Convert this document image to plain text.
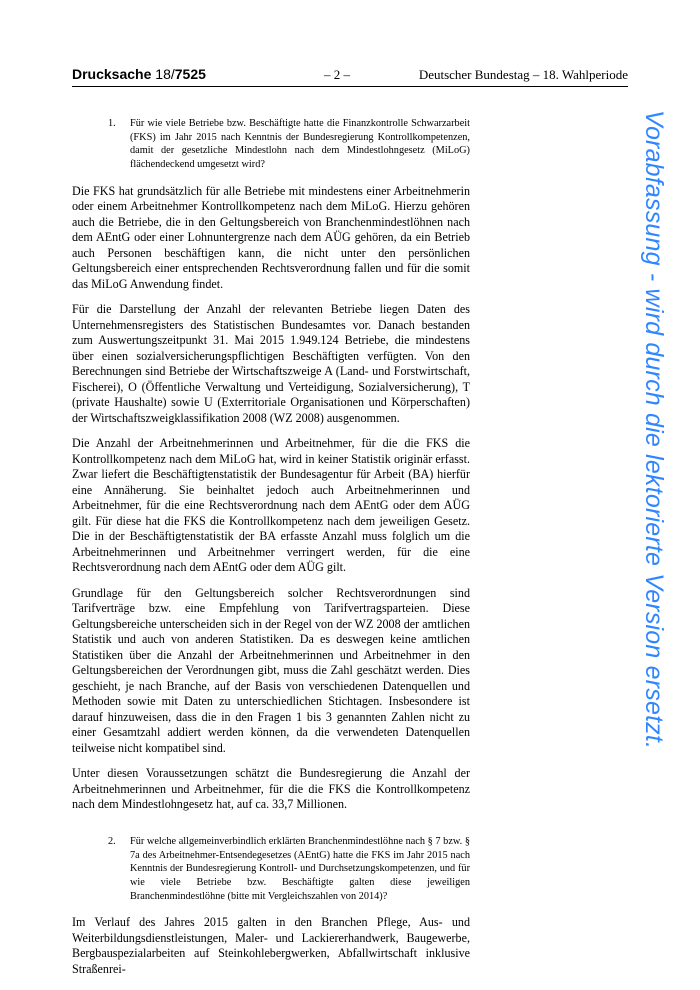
Drucksache 18/7525	– 2 –	Deutscher Bundestag – 18. Wahlperiode
1. Für wie viele Betriebe bzw. Beschäftigte hatte die Finanzkontrolle Schwarzarbeit (FKS) im Jahr 2015 nach Kenntnis der Bundesregierung Kontrollkompetenzen, damit der gesetzliche Mindestlohn nach dem Mindestlohngesetz (MiLoG) flächendeckend umgesetzt wird?

Die FKS hat grundsätzlich für alle Betriebe mit mindestens einer Arbeitnehmerin oder einem Arbeitnehmer Kontrollkompetenz nach dem MiLoG. Hierzu gehören auch die Betriebe, die in den Geltungsbereich von Branchenmindestlöhnen nach dem AEntG oder einer Lohnuntergrenze nach dem AÜG gehören, da ein Betrieb auch Personen beschäftigen kann, die nicht unter den persönlichen Geltungsbereich einer entsprechenden Rechtsverordnung fallen und für die somit das MiLoG Anwendung findet.

Für die Darstellung der Anzahl der relevanten Betriebe liegen Daten des Unternehmensregisters des Statistischen Bundesamtes vor. Danach bestanden zum Auswertungszeitpunkt 31. Mai 2015 1.949.124 Betriebe, die mindestens über einen sozialversicherungspflichtigen Beschäftigten verfügten. Von den Berechnungen sind Betriebe der Wirtschaftszweige A (Land- und Forstwirtschaft, Fischerei), O (Öffentliche Verwaltung und Verteidigung, Sozialversicherung), T (private Haushalte) sowie U (Exterritoriale Organisationen und Körperschaften) der Wirtschaftszweigklassifikation 2008 (WZ 2008) ausgenommen.

Die Anzahl der Arbeitnehmerinnen und Arbeitnehmer, für die die FKS die Kontrollkompetenz nach dem MiLoG hat, wird in keiner Statistik originär erfasst. Zwar liefert die Beschäftigtenstatistik der Bundesagentur für Arbeit (BA) hierfür eine Annäherung. Sie beinhaltet jedoch auch Arbeitnehmerinnen und Arbeitnehmer, für die eine Rechtsverordnung nach dem AEntG oder dem AÜG gilt. Für diese hat die FKS die Kontrollkompetenz nach dem jeweiligen Gesetz. Die in der Beschäftigtenstatistik der BA erfasste Anzahl muss folglich um die Arbeitnehmerinnen und Arbeitnehmer verringert werden, für die eine Rechtsverordnung nach dem AEntG oder dem AÜG gilt.

Grundlage für den Geltungsbereich solcher Rechtsverordnungen sind Tarifverträge bzw. eine Empfehlung von Tarifvertragsparteien. Diese Geltungsbereiche unterscheiden sich in der Regel von der WZ 2008 der amtlichen Statistik und auch von anderen Statistiken. Da es deswegen keine amtlichen Statistiken über die Anzahl der Arbeitnehmerinnen und Arbeitnehmer in den Geltungsbereichen der Verordnungen gibt, muss die Zahl geschätzt werden. Dies geschieht, je nach Branche, auf der Basis von verschiedenen Datenquellen und Methoden sowie mit Daten zu unterschiedlichen Stichtagen. Insbesondere ist darauf hinzuweisen, dass die in den Fragen 1 bis 3 genannten Zahlen nicht zu einer Gesamtzahl addiert werden können, da die verwendeten Datenquellen teilweise nicht kompatibel sind.

Unter diesen Voraussetzungen schätzt die Bundesregierung die Anzahl der Arbeitnehmerinnen und Arbeitnehmer, für die die FKS die Kontrollkompetenz nach dem Mindestlohngesetz hat, auf ca. 33,7 Millionen.

2. Für welche allgemeinverbindlich erklärten Branchenmindestlöhne nach § 7 bzw. § 7a des Arbeitnehmer-Entsendegesetzes (AEntG) hatte die FKS im Jahr 2015 nach Kenntnis der Bundesregierung Kontroll- und Durchsetzungskompetenzen, und für wie viele Betriebe bzw. Beschäftigte galten diese jeweiligen Branchenmindestlöhne (bitte mit Vergleichszahlen von 2014)?

Im Verlauf des Jahres 2015 galten in den Branchen Pflege, Aus- und Weiterbildungsdienstleistungen, Maler- und Lackiererhandwerk, Baugewerbe, Bergbauspezialarbeiten auf Steinkohlebergwerken, Abfallwirtschaft inklusive Straßenrei-

Vorabfassung - wird durch die lektorierte Version ersetzt.
